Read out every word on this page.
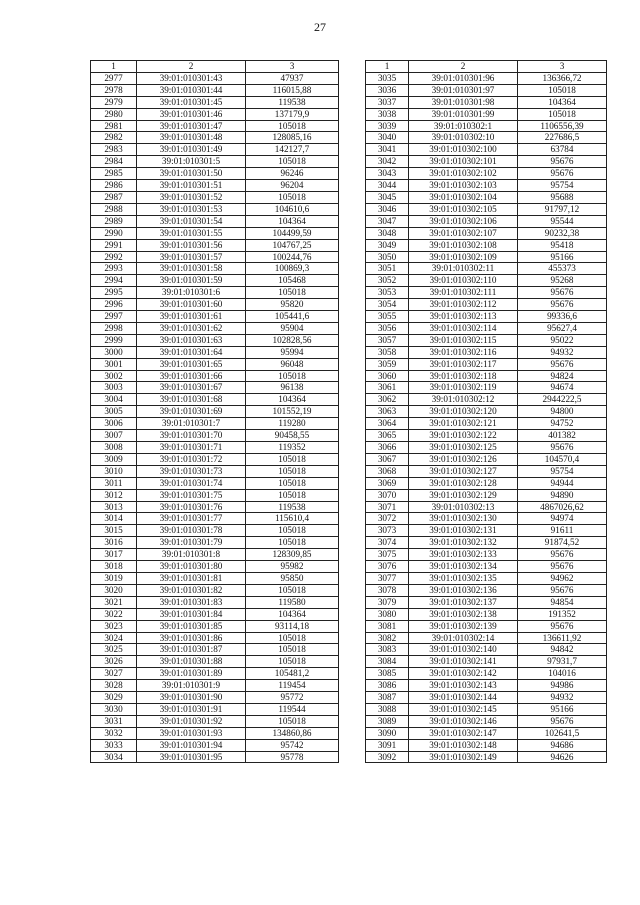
27
1	2	3
2977	39:01:010301:43	47937
2978	39:01:010301:44	116015,88
2979	39:01:010301:45	119538
2980	39:01:010301:46	137179,9
2981	39:01:010301:47	105018
2982	39:01:010301:48	128085,16
2983	39:01:010301:49	142127,7
2984	39:01:010301:5	105018
2985	39:01:010301:50	96246
2986	39:01:010301:51	96204
2987	39:01:010301:52	105018
2988	39:01:010301:53	104610,6
2989	39:01:010301:54	104364
2990	39:01:010301:55	104499,59
2991	39:01:010301:56	104767,25
2992	39:01:010301:57	100244,76
2993	39:01:010301:58	100869,3
2994	39:01:010301:59	105468
2995	39:01:010301:6	105018
2996	39:01:010301:60	95820
2997	39:01:010301:61	105441,6
2998	39:01:010301:62	95904
2999	39:01:010301:63	102828,56
3000	39:01:010301:64	95994
3001	39:01:010301:65	96048
3002	39:01:010301:66	105018
3003	39:01:010301:67	96138
3004	39:01:010301:68	104364
3005	39:01:010301:69	101552,19
3006	39:01:010301:7	119280
3007	39:01:010301:70	90458,55
3008	39:01:010301:71	119352
3009	39:01:010301:72	105018
3010	39:01:010301:73	105018
3011	39:01:010301:74	105018
3012	39:01:010301:75	105018
3013	39:01:010301:76	119538
3014	39:01:010301:77	115610,4
3015	39:01:010301:78	105018
3016	39:01:010301:79	105018
3017	39:01:010301:8	128309,85
3018	39:01:010301:80	95982
3019	39:01:010301:81	95850
3020	39:01:010301:82	105018
3021	39:01:010301:83	119580
3022	39:01:010301:84	104364
3023	39:01:010301:85	93114,18
3024	39:01:010301:86	105018
3025	39:01:010301:87	105018
3026	39:01:010301:88	105018
3027	39:01:010301:89	105481,2
3028	39:01:010301:9	119454
3029	39:01:010301:90	95772
3030	39:01:010301:91	119544
3031	39:01:010301:92	105018
3032	39:01:010301:93	134860,86
3033	39:01:010301:94	95742
3034	39:01:010301:95	95778
1	2	3
3035	39:01:010301:96	136366,72
3036	39:01:010301:97	105018
3037	39:01:010301:98	104364
3038	39:01:010301:99	105018
3039	39:01:010302:1	1106556,39
3040	39:01:010302:10	227686,5
3041	39:01:010302:100	63784
3042	39:01:010302:101	95676
3043	39:01:010302:102	95676
3044	39:01:010302:103	95754
3045	39:01:010302:104	95688
3046	39:01:010302:105	91797,12
3047	39:01:010302:106	95544
3048	39:01:010302:107	90232,38
3049	39:01:010302:108	95418
3050	39:01:010302:109	95166
3051	39:01:010302:11	455373
3052	39:01:010302:110	95268
3053	39:01:010302:111	95676
3054	39:01:010302:112	95676
3055	39:01:010302:113	99336,6
3056	39:01:010302:114	95627,4
3057	39:01:010302:115	95022
3058	39:01:010302:116	94932
3059	39:01:010302:117	95676
3060	39:01:010302:118	94824
3061	39:01:010302:119	94674
3062	39:01:010302:12	2944222,5
3063	39:01:010302:120	94800
3064	39:01:010302:121	94752
3065	39:01:010302:122	401382
3066	39:01:010302:125	95676
3067	39:01:010302:126	104570,4
3068	39:01:010302:127	95754
3069	39:01:010302:128	94944
3070	39:01:010302:129	94890
3071	39:01:010302:13	4867026,62
3072	39:01:010302:130	94974
3073	39:01:010302:131	91611
3074	39:01:010302:132	91874,52
3075	39:01:010302:133	95676
3076	39:01:010302:134	95676
3077	39:01:010302:135	94962
3078	39:01:010302:136	95676
3079	39:01:010302:137	94854
3080	39:01:010302:138	191352
3081	39:01:010302:139	95676
3082	39:01:010302:14	136611,92
3083	39:01:010302:140	94842
3084	39:01:010302:141	97931,7
3085	39:01:010302:142	104016
3086	39:01:010302:143	94986
3087	39:01:010302:144	94932
3088	39:01:010302:145	95166
3089	39:01:010302:146	95676
3090	39:01:010302:147	102641,5
3091	39:01:010302:148	94686
3092	39:01:010302:149	94626
